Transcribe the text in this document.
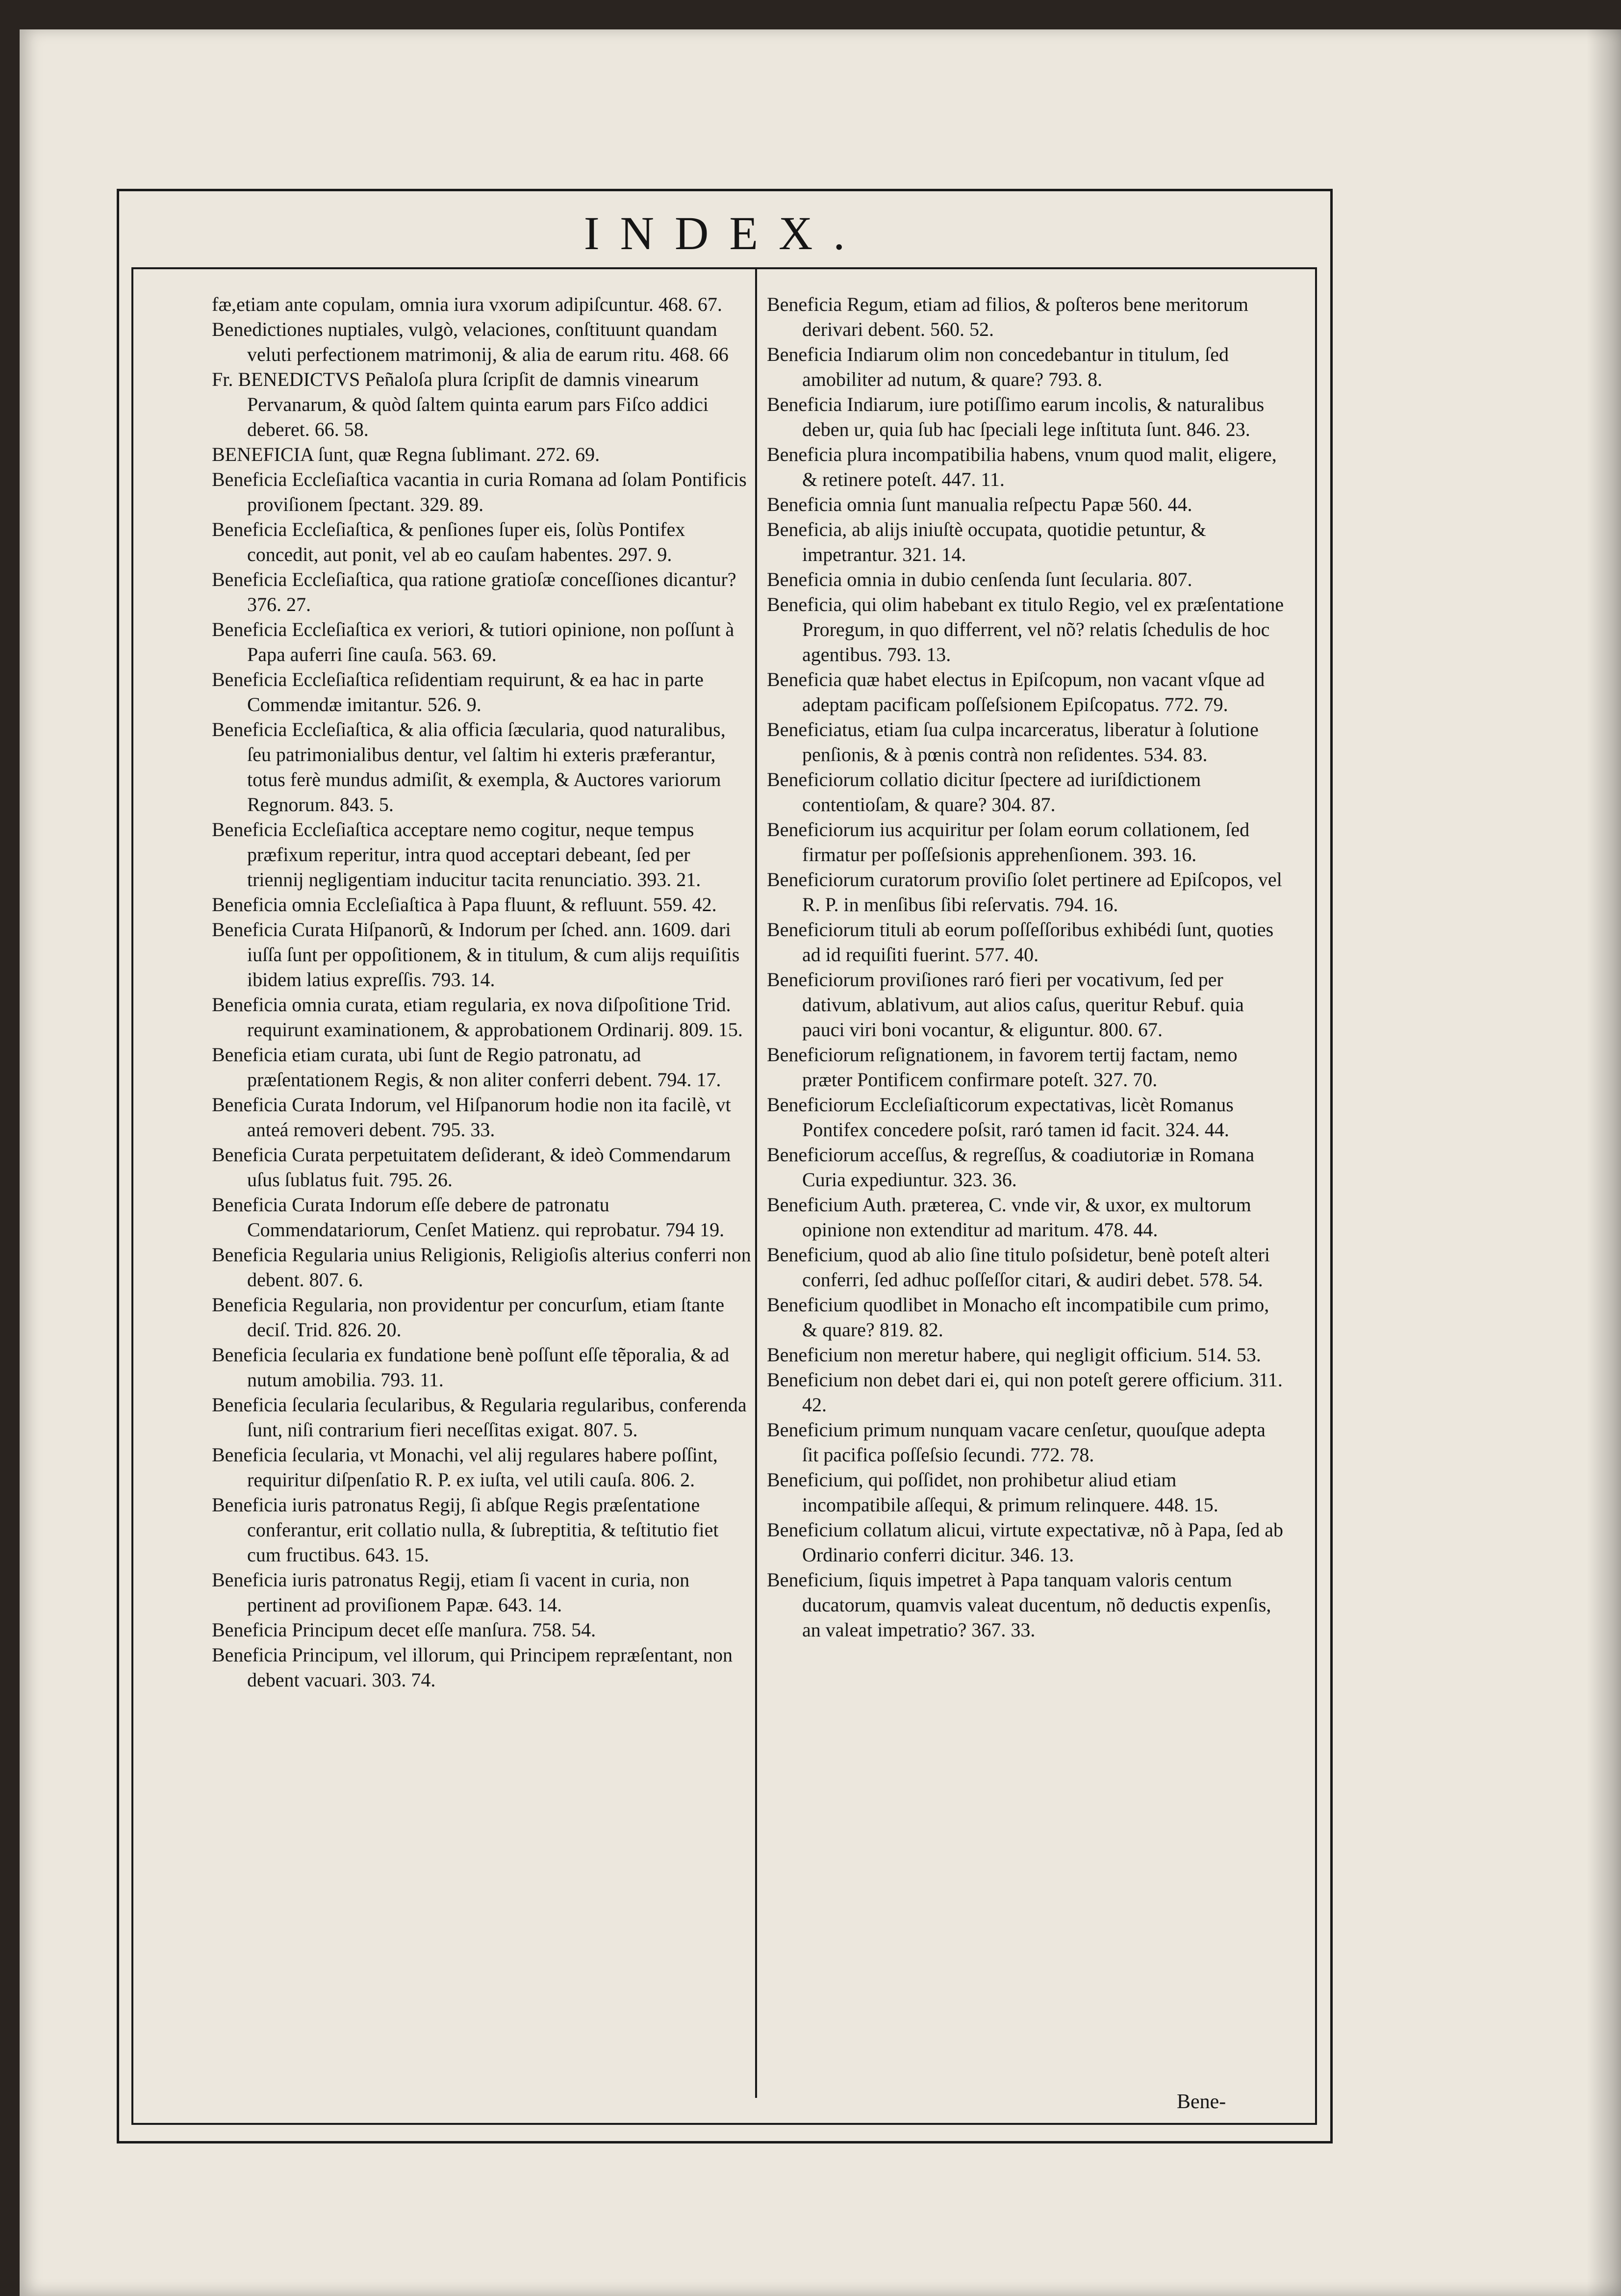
INDEX.
fæ,etiam ante copulam, omnia iura vxorum adipiſcuntur. 468. 67.
Benedictiones nuptiales, vulgò, velaciones, conſtituunt quandam veluti perfectionem matrimonij, & alia de earum ritu. 468. 66
Fr. BENEDICTVS Peñaloſa plura ſcripſit de damnis vinearum Pervanarum, & quòd ſaltem quinta earum pars Fiſco addici deberet. 66. 58.
BENEFICIA ſunt, quæ Regna ſublimant. 272. 69.
Beneficia Eccleſiaſtica vacantia in curia Romana ad ſolam Pontificis proviſionem ſpectant. 329. 89.
Beneficia Eccleſiaſtica, & penſiones ſuper eis, ſolùs Pontifex concedit, aut ponit, vel ab eo cauſam habentes. 297. 9.
Beneficia Eccleſiaſtica, qua ratione gratioſæ conceſſiones dicantur? 376. 27.
Beneficia Eccleſiaſtica ex veriori, & tutiori opinione, non poſſunt à Papa auferri ſine cauſa. 563. 69.
Beneficia Eccleſiaſtica reſidentiam requirunt, & ea hac in parte Commendæ imitantur. 526. 9.
Beneficia Eccleſiaſtica, & alia officia ſæcularia, quod naturalibus, ſeu patrimonialibus dentur, vel ſaltim hi exteris præferantur, totus ferè mundus admiſit, & exempla, & Auctores variorum Regnorum. 843. 5.
Beneficia Eccleſiaſtica acceptare nemo cogitur, neque tempus præfixum reperitur, intra quod acceptari debeant, ſed per triennij negligentiam inducitur tacita renunciatio. 393. 21.
Beneficia omnia Eccleſiaſtica à Papa fluunt, & refluunt. 559. 42.
Beneficia Curata Hiſpanorũ, & Indorum per ſched. ann. 1609. dari iuſſa ſunt per oppoſitionem, & in titulum, & cum alijs requiſitis ibidem latius expreſſis. 793. 14.
Beneficia omnia curata, etiam regularia, ex nova diſpoſitione Trid. requirunt examinationem, & approbationem Ordinarij. 809. 15.
Beneficia etiam curata, ubi ſunt de Regio patronatu, ad præſentationem Regis, & non aliter conferri debent. 794. 17.
Beneficia Curata Indorum, vel Hiſpanorum hodie non ita facilè, vt anteá removeri debent. 795. 33.
Beneficia Curata perpetuitatem deſiderant, & ideò Commendarum uſus ſublatus fuit. 795. 26.
Beneficia Curata Indorum eſſe debere de patronatu Commendatariorum, Cenſet Matienz. qui reprobatur. 794 19.
Beneficia Regularia unius Religionis, Religioſis alterius conferri non debent. 807. 6.
Beneficia Regularia, non providentur per concurſum, etiam ſtante deciſ. Trid. 826. 20.
Beneficia ſecularia ex fundatione benè poſſunt eſſe tẽporalia, & ad nutum amobilia. 793. 11.
Beneficia ſecularia ſecularibus, & Regularia regularibus, conferenda ſunt, niſi contrarium fieri neceſſitas exigat. 807. 5.
Beneficia ſecularia, vt Monachi, vel alij regulares habere poſſint, requiritur diſpenſatio R. P. ex iuſta, vel utili cauſa. 806. 2.
Beneficia iuris patronatus Regij, ſi abſque Regis præſentatione conferantur, erit collatio nulla, & ſubreptitia, & teſtitutio fiet cum fructibus. 643. 15.
Beneficia iuris patronatus Regij, etiam ſi vacent in curia, non pertinent ad proviſionem Papæ. 643. 14.
Beneficia Principum decet eſſe manſura. 758. 54.
Beneficia Principum, vel illorum, qui Principem repræſentant, non debent vacuari. 303. 74.
Beneficia Regum, etiam ad filios, & poſteros bene meritorum derivari debent. 560. 52.
Beneficia Indiarum olim non concedebantur in titulum, ſed amobiliter ad nutum, & quare? 793. 8.
Beneficia Indiarum, iure potiſſimo earum incolis, & naturalibus deben ur, quia ſub hac ſpeciali lege inſtituta ſunt. 846. 23.
Beneficia plura incompatibilia habens, vnum quod malit, eligere, & retinere poteſt. 447. 11.
Beneficia omnia ſunt manualia reſpectu Papæ 560. 44.
Beneficia, ab alijs iniuſtè occupata, quotidie petuntur, & impetrantur. 321. 14.
Beneficia omnia in dubio cenſenda ſunt ſecularia. 807.
Beneficia, qui olim habebant ex titulo Regio, vel ex præſentatione Proregum, in quo differrent, vel nõ? relatis ſchedulis de hoc agentibus. 793. 13.
Beneficia quæ habet electus in Epiſcopum, non vacant vſque ad adeptam pacificam poſſeſsionem Epiſcopatus. 772. 79.
Beneficiatus, etiam ſua culpa incarceratus, liberatur à ſolutione penſionis, & à pœnis contrà non reſidentes. 534. 83.
Beneficiorum collatio dicitur ſpectere ad iuriſdictionem contentioſam, & quare? 304. 87.
Beneficiorum ius acquiritur per ſolam eorum collationem, ſed firmatur per poſſeſsionis apprehenſionem. 393. 16.
Beneficiorum curatorum proviſio ſolet pertinere ad Epiſcopos, vel R. P. in menſibus ſibi reſervatis. 794. 16.
Beneficiorum tituli ab eorum poſſeſſoribus exhibédi ſunt, quoties ad id requiſiti fuerint. 577. 40.
Beneficiorum proviſiones raró fieri per vocativum, ſed per dativum, ablativum, aut alios caſus, queritur Rebuf. quia pauci viri boni vocantur, & eliguntur. 800. 67.
Beneficiorum reſignationem, in favorem tertij factam, nemo præter Pontificem confirmare poteſt. 327. 70.
Beneficiorum Eccleſiaſticorum expectativas, licèt Romanus Pontifex concedere poſsit, raró tamen id facit. 324. 44.
Beneficiorum acceſſus, & regreſſus, & coadiutoriæ in Romana Curia expediuntur. 323. 36.
Beneficium Auth. præterea, C. vnde vir, & uxor, ex multorum opinione non extenditur ad maritum. 478. 44.
Beneficium, quod ab alio ſine titulo poſsidetur, benè poteſt alteri conferri, ſed adhuc poſſeſſor citari, & audiri debet. 578. 54.
Beneficium quodlibet in Monacho eſt incompatibile cum primo, & quare? 819. 82.
Beneficium non meretur habere, qui negligit officium. 514. 53.
Beneficium non debet dari ei, qui non poteſt gerere officium. 311. 42.
Beneficium primum nunquam vacare cenſetur, quouſque adepta ſit pacifica poſſeſsio ſecundi. 772. 78.
Beneficium, qui poſſidet, non prohibetur aliud etiam incompatibile aſſequi, & primum relinquere. 448. 15.
Beneficium collatum alicui, virtute expectativæ, nõ à Papa, ſed ab Ordinario conferri dicitur. 346. 13.
Beneficium, ſiquis impetret à Papa tanquam valoris centum ducatorum, quamvis valeat ducentum, nõ deductis expenſis, an valeat impetratio? 367. 33.
Bene-
